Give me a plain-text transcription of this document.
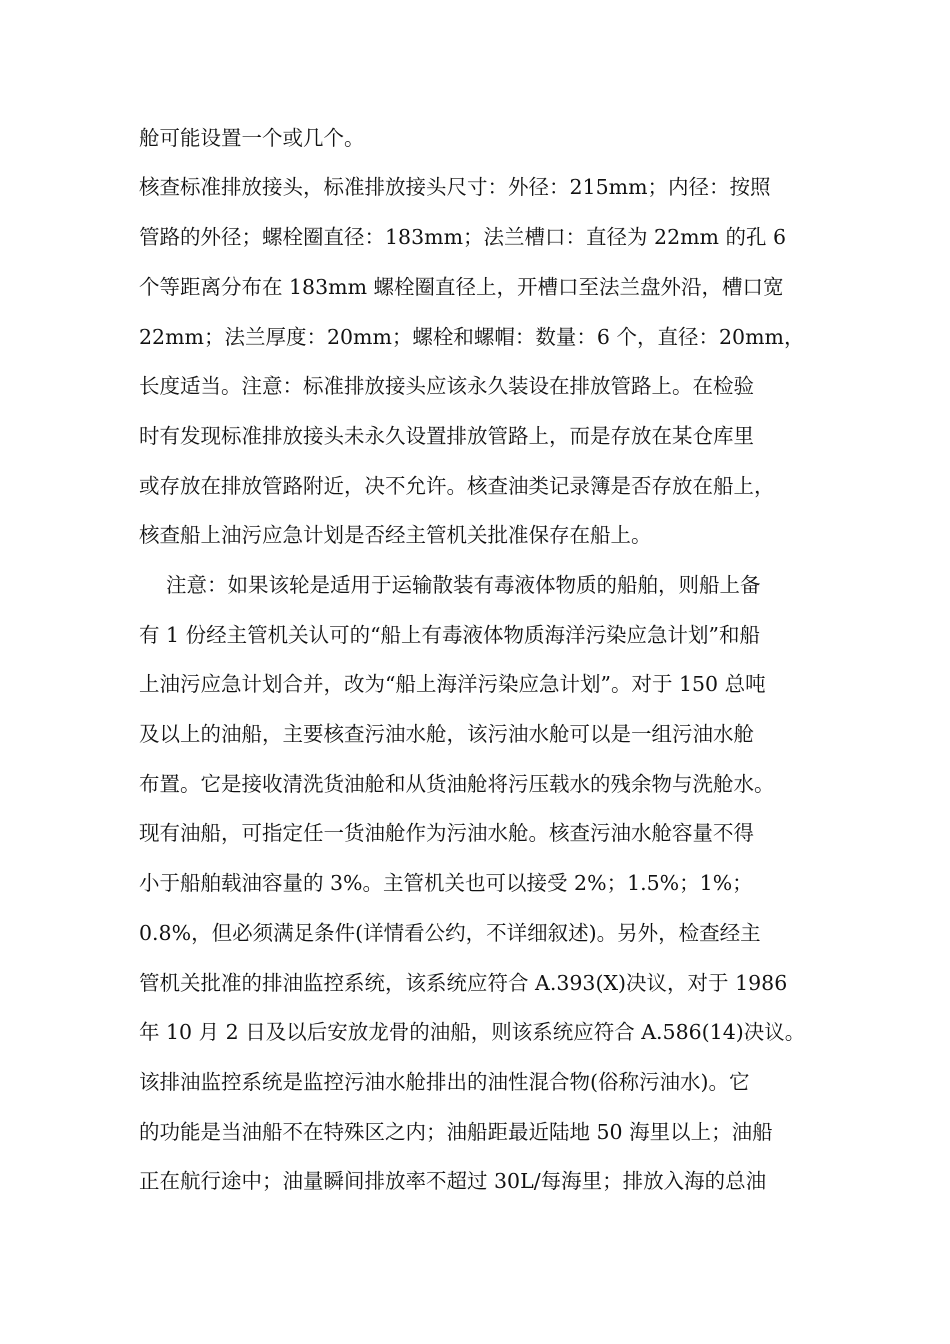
舱可能设置一个或几个。
核查标准排放接头，标准排放接头尺寸：外径：215mm；内径：按照
管路的外径；螺栓圈直径：183mm；法兰槽口：直径为 22mm 的孔 6
个等距离分布在 183mm 螺栓圈直径上，开槽口至法兰盘外沿，槽口宽
22mm；法兰厚度：20mm；螺栓和螺帽：数量：6 个，直径：20mm，
长度适当。注意：标准排放接头应该永久装设在排放管路上。在检验
时有发现标准排放接头未永久设置排放管路上，而是存放在某仓库里
或存放在排放管路附近，决不允许。核查油类记录簿是否存放在船上，
核查船上油污应急计划是否经主管机关批准保存在船上。
注意：如果该轮是适用于运输散装有毒液体物质的船舶，则船上备
有 1 份经主管机关认可的“船上有毒液体物质海洋污染应急计划”和船
上油污应急计划合并，改为“船上海洋污染应急计划”。对于 150 总吨
及以上的油船，主要核查污油水舱，该污油水舱可以是一组污油水舱
布置。它是接收清洗货油舱和从货油舱将污压载水的残余物与洗舱水。
现有油船，可指定任一货油舱作为污油水舱。核查污油水舱容量不得
小于船舶载油容量的 3%。主管机关也可以接受 2%；1.5%；1%；
0.8%，但必须满足条件(详情看公约，不详细叙述)。另外，检查经主
管机关批准的排油监控系统，该系统应符合 A.393(X)决议，对于 1986
年 10 月 2 日及以后安放龙骨的油船，则该系统应符合 A.586(14)决议。
该排油监控系统是监控污油水舱排出的油性混合物(俗称污油水)。它
的功能是当油船不在特殊区之内；油船距最近陆地 50 海里以上；油船
正在航行途中；油量瞬间排放率不超过 30L/每海里；排放入海的总油
